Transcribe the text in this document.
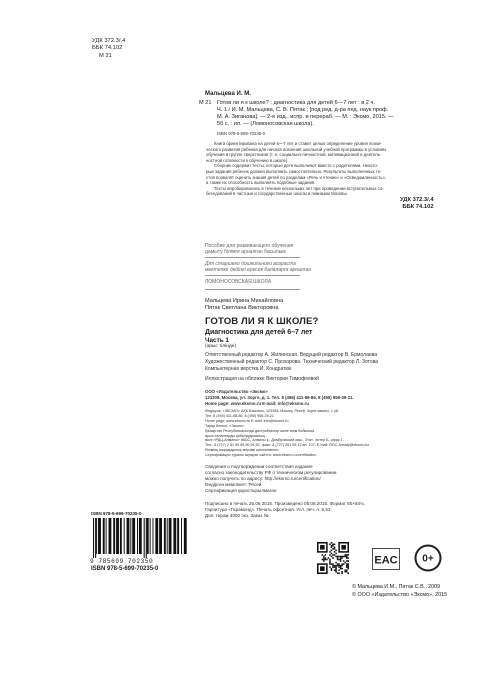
УДК 372.3/.4
ББК 74.102
М 21
Мальцева И. М.
М 21 Готов ли я к школе? : диагностика для детей 6—7 лет : в 2 ч.
Ч. 1 / И. М. Мальцева, С. В. Пятак ; [под ред. д-ра пед. наук проф.
М. А. Зиганова]. — 2-е изд., испр. и перераб. — М. : Эксмо, 2015. —
56 с. : ил. — (Ломоносовская школа).
ISBN 978-5-699-70235-0
Книга ориентирована на детей 6—7 лет и ставит целью определение уровня психи-
ческого развития ребенка для начала освоения школьной учебной программы в условиях
обучения в группе сверстников (т. е. социально-личностной, мотивационной и деятель-
ностной готовности к обучению в школе).
Сборник содержит тесты, которые дети выполняют вместе с родителями. Некото-
рые задания ребенок должен выполнить самостоятельно. Результаты выполненных те-
стов позволят оценить знания детей по разделам «Речь и чтение» и «Осведомленность»,
а также их способность выполнять подобные задания.
Тесты апробировались в течение нескольких лет при проведении вступительных со-
беседований в частные и государственные школы и гимназии Москвы.
УДК 372.3/.4
ББК 74.102
Пособие для развивающего обучения
дамыту білімге арналған басылым
Для старшего дошкольного возраста
мектепке дейінгі ересек балаларға арналған
ЛОМОНОСОВСКАЯ ШКОЛА
Мальцева Ирина Михайловна
Пятак Светлана Викторовна
ГОТОВ ЛИ Я К ШКОЛЕ?
Диагностика для детей 6–7 лет
Часть 1
(орыс тілінде)
Ответственный редактор А. Жилинская. Ведущий редактор В. Ермолаева
Художественный редактор С. Прохорова. Технический редактор Л. Зотова
Компьютерная верстка И. Кондратюк
Иллюстрация на обложке Виктории Тимофеевой
ООО «Издательство «Эксмо»
123308, Москва, ул. Зорге, д. 1. Тел. 8 (495) 411-68-86, 8 (495) 956-39-21.
Home page: www.eksmo.ru E-mail: info@eksmo.ru
Өндіруші: «ЭКСМО» АҚБ Баспасы, 123308, Мәскеу, Ресей, Зорге көшесі, 1 үй.
Тел. 8 (495) 411-68-86, 8 (495) 956-39-21
Home page: www.eksmo.ru E-mail: info@eksmo.ru.
Тауар белгісі: «Эксмо»
Қазақстан Республикасында дистрибьютор және өнім бойынша
арыз-талаптарды қабылдаушының
өкілі «РДЦ-Алматы» ЖШС, Алматы қ., Домбровский көш., 3«а», литер Б, офис 1.
Тел.: 8 (727) 2 51 59 89,90,91,92, факс: 8 (727) 251 58 12 вн. 107; E-mail: RDC-Almaty@eksmo.kz
Өнімнің жарамдылық мерзімі шектелмеген.
Сертификация туралы ақпарат сайтта: www.eksmo.ru/certification
Сведения о подтверждении соответствия издания
согласно законодательству РФ о техническом регулировании
можно получить по адресу: http://eksmo.ru/certification/
Өндірген мемлекет: Ресей
Сертификация қарастырылмаған
Подписано в печать 25.06.2015. Произведено 05.08.2015. Формат 60×84⅛.
Гарнитура «Гарамонд». Печать офсетная. Усл. печ. л. 6,53.
Доп. тираж 4000 экз. Заказ №
ISBN 978-5-699-70235-0
9 785699 702350
ISBN 978-5-699-70235-0
EAC 0+
© Мальцева И.М., Пятак С.В., 2009
© ООО «Издательство «Эксмо», 2015
